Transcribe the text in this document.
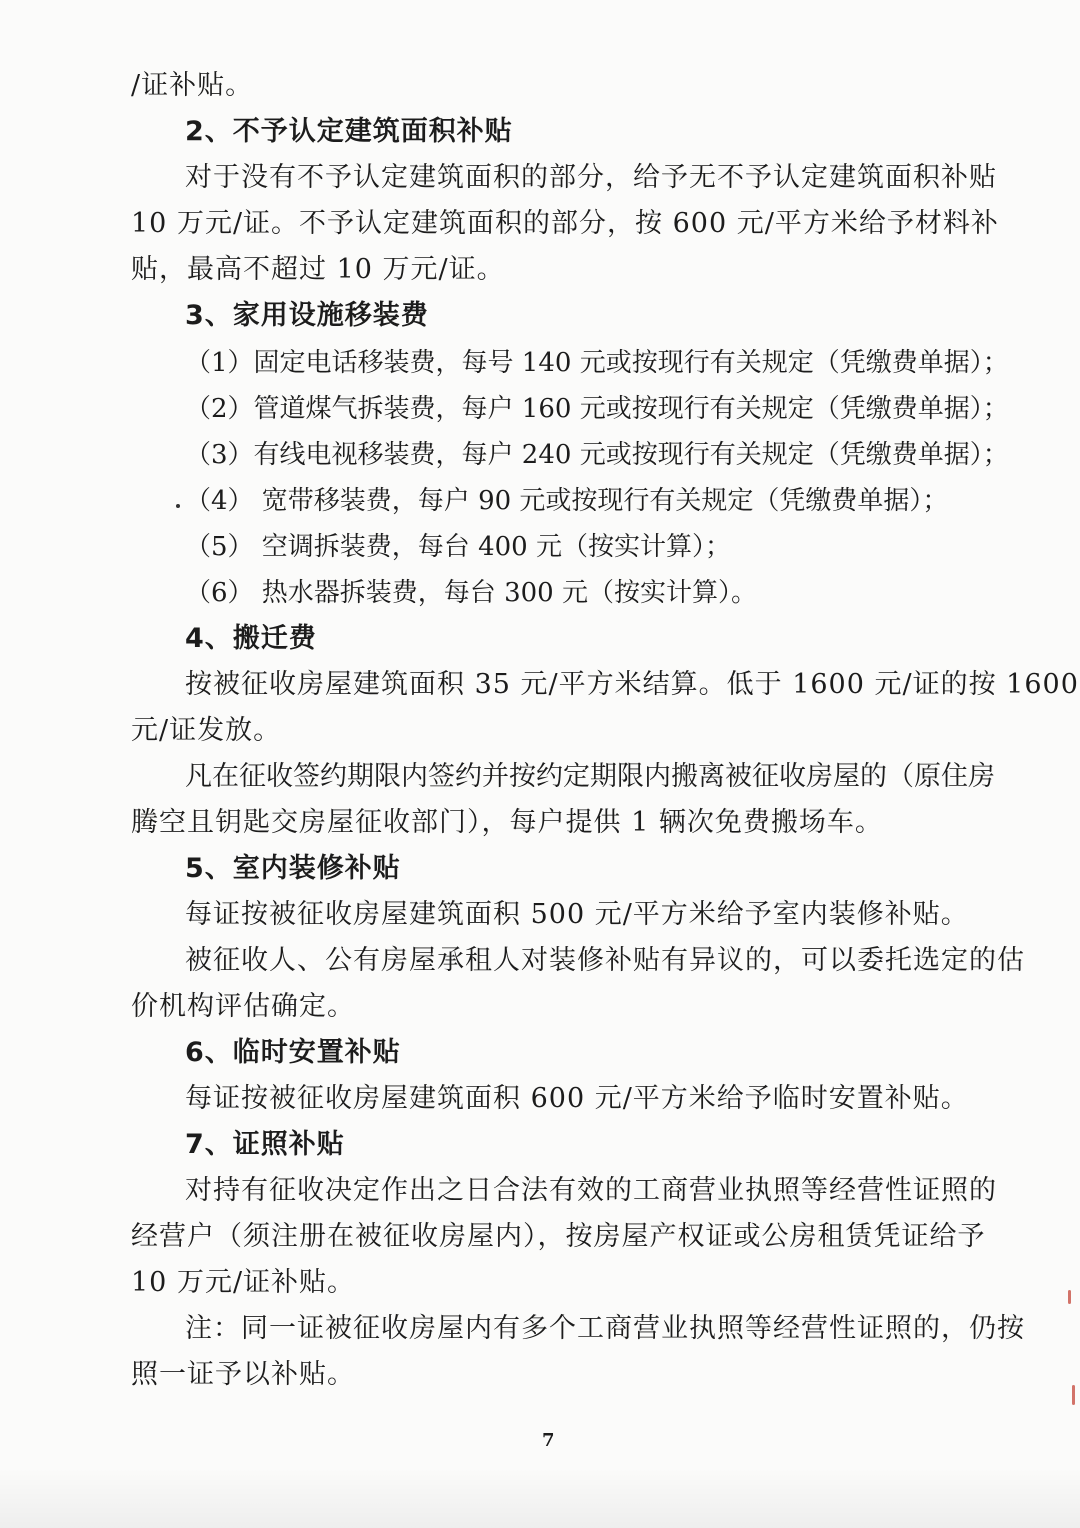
/证补贴。
2、不予认定建筑面积补贴
对于没有不予认定建筑面积的部分，给予无不予认定建筑面积补贴
10 万元/证。不予认定建筑面积的部分，按 600 元/平方米给予材料补
贴，最高不超过 10 万元/证。
3、家用设施移装费
（1）固定电话移装费，每号 140 元或按现行有关规定（凭缴费单据）；
（2）管道煤气拆装费，每户 160 元或按现行有关规定（凭缴费单据）；
（3）有线电视移装费，每户 240 元或按现行有关规定（凭缴费单据）；
（4） 宽带移装费，每户 90 元或按现行有关规定（凭缴费单据）；
（5） 空调拆装费，每台 400 元（按实计算）；
（6） 热水器拆装费，每台 300 元（按实计算）。
4、搬迁费
按被征收房屋建筑面积 35 元/平方米结算。低于 1600 元/证的按 1600
元/证发放。
凡在征收签约期限内签约并按约定期限内搬离被征收房屋的（原住房
腾空且钥匙交房屋征收部门），每户提供 1 辆次免费搬场车。
5、室内装修补贴
每证按被征收房屋建筑面积 500 元/平方米给予室内装修补贴。
被征收人、公有房屋承租人对装修补贴有异议的，可以委托选定的估
价机构评估确定。
6、临时安置补贴
每证按被征收房屋建筑面积 600 元/平方米给予临时安置补贴。
7、证照补贴
对持有征收决定作出之日合法有效的工商营业执照等经营性证照的
经营户（须注册在被征收房屋内），按房屋产权证或公房租赁凭证给予
10 万元/证补贴。
注：同一证被征收房屋内有多个工商营业执照等经营性证照的，仍按
照一证予以补贴。
7
